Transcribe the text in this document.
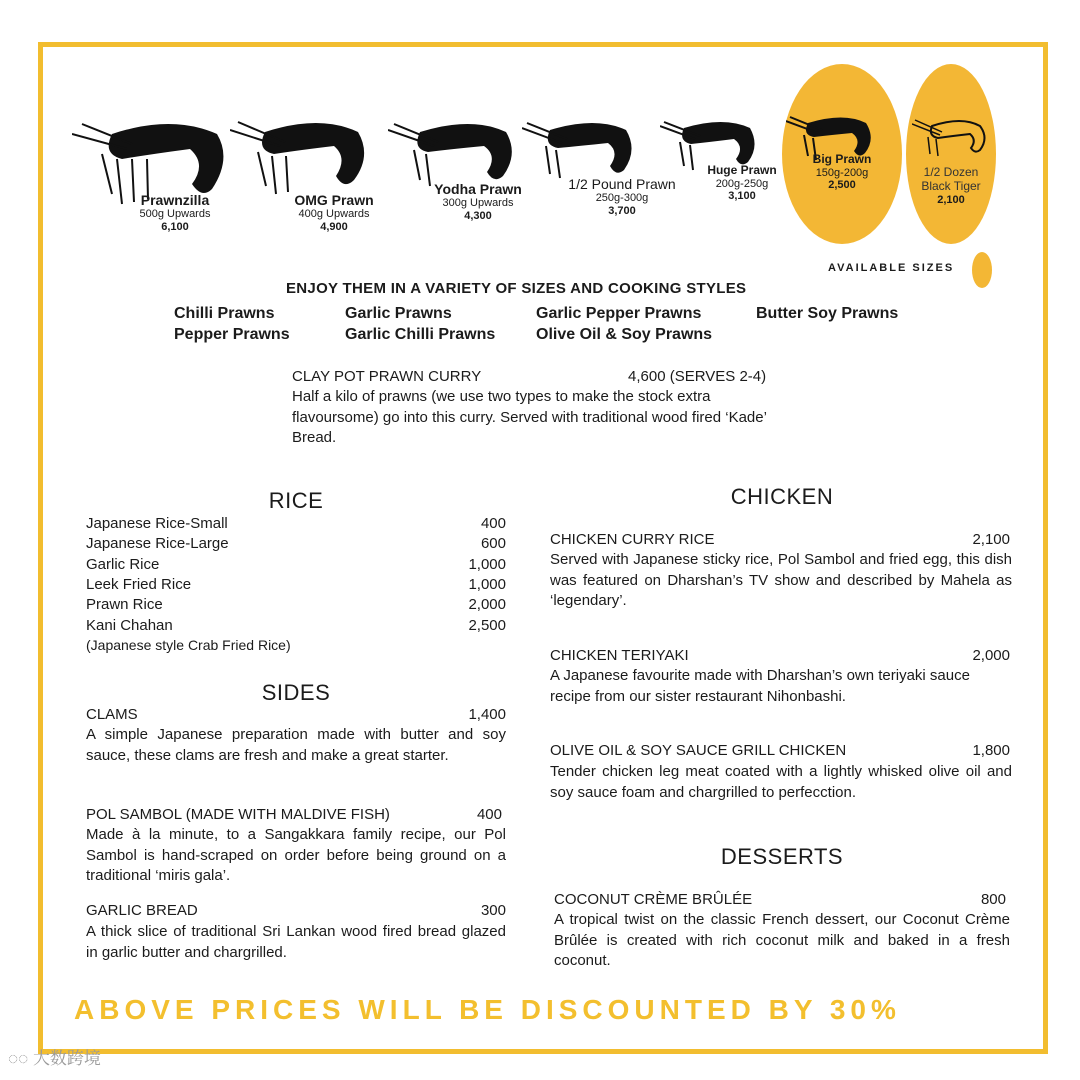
Prawnzilla
500g Upwards
6,100
OMG Prawn
400g Upwards
4,900
Yodha Prawn
300g Upwards
4,300
1/2 Pound Prawn
250g-300g
3,700
Huge Prawn
200g-250g
3,100
Big Prawn
150g-200g
2,500
1/2 Dozen
Black Tiger
2,100
AVAILABLE SIZES
ENJOY THEM IN A VARIETY OF SIZES AND COOKING STYLES
Chilli Prawns	Garlic Prawns	Garlic Pepper Prawns	Butter Soy Prawns
Pepper Prawns	Garlic Chilli Prawns	Olive Oil & Soy Prawns
CLAY POT PRAWN CURRY	4,600 (SERVES 2-4)
Half a kilo of prawns (we use two types to make the stock extra flavoursome) go into this curry. Served with traditional wood fired ‘Kade’ Bread.
RICE
Japanese Rice-Small	400
Japanese Rice-Large	600
Garlic Rice	1,000
Leek Fried Rice	1,000
Prawn Rice	2,000
Kani Chahan	2,500
(Japanese style Crab Fried Rice)
SIDES
CLAMS	1,400
A simple Japanese preparation made with butter and soy sauce, these clams are fresh and make a great starter.
POL SAMBOL (MADE WITH MALDIVE FISH)	400
Made à la minute, to a Sangakkara family recipe, our Pol Sambol is hand-scraped on order before being ground on a traditional ‘miris gala’.
GARLIC BREAD	300
A thick slice of traditional Sri Lankan wood fired bread glazed in garlic butter and chargrilled.
CHICKEN
CHICKEN CURRY RICE	2,100
Served with Japanese sticky rice, Pol Sambol and fried egg, this dish was featured on Dharshan’s TV show and described by Mahela as ‘legendary’.
CHICKEN TERIYAKI	2,000
A Japanese favourite made with Dharshan’s own teriyaki sauce recipe from our sister restaurant Nihonbashi.
OLIVE OIL & SOY SAUCE GRILL CHICKEN	1,800
Tender chicken leg meat coated with a lightly whisked olive oil and soy sauce foam and chargrilled to perfecction.
DESSERTS
COCONUT CRÈME BRÛLÉE	800
A tropical twist on the classic French dessert, our Coconut Crème Brûlée is created with rich coconut milk and baked in a fresh coconut.
ABOVE PRICES WILL BE DISCOUNTED BY 30%
◌◌ 大数跨境
